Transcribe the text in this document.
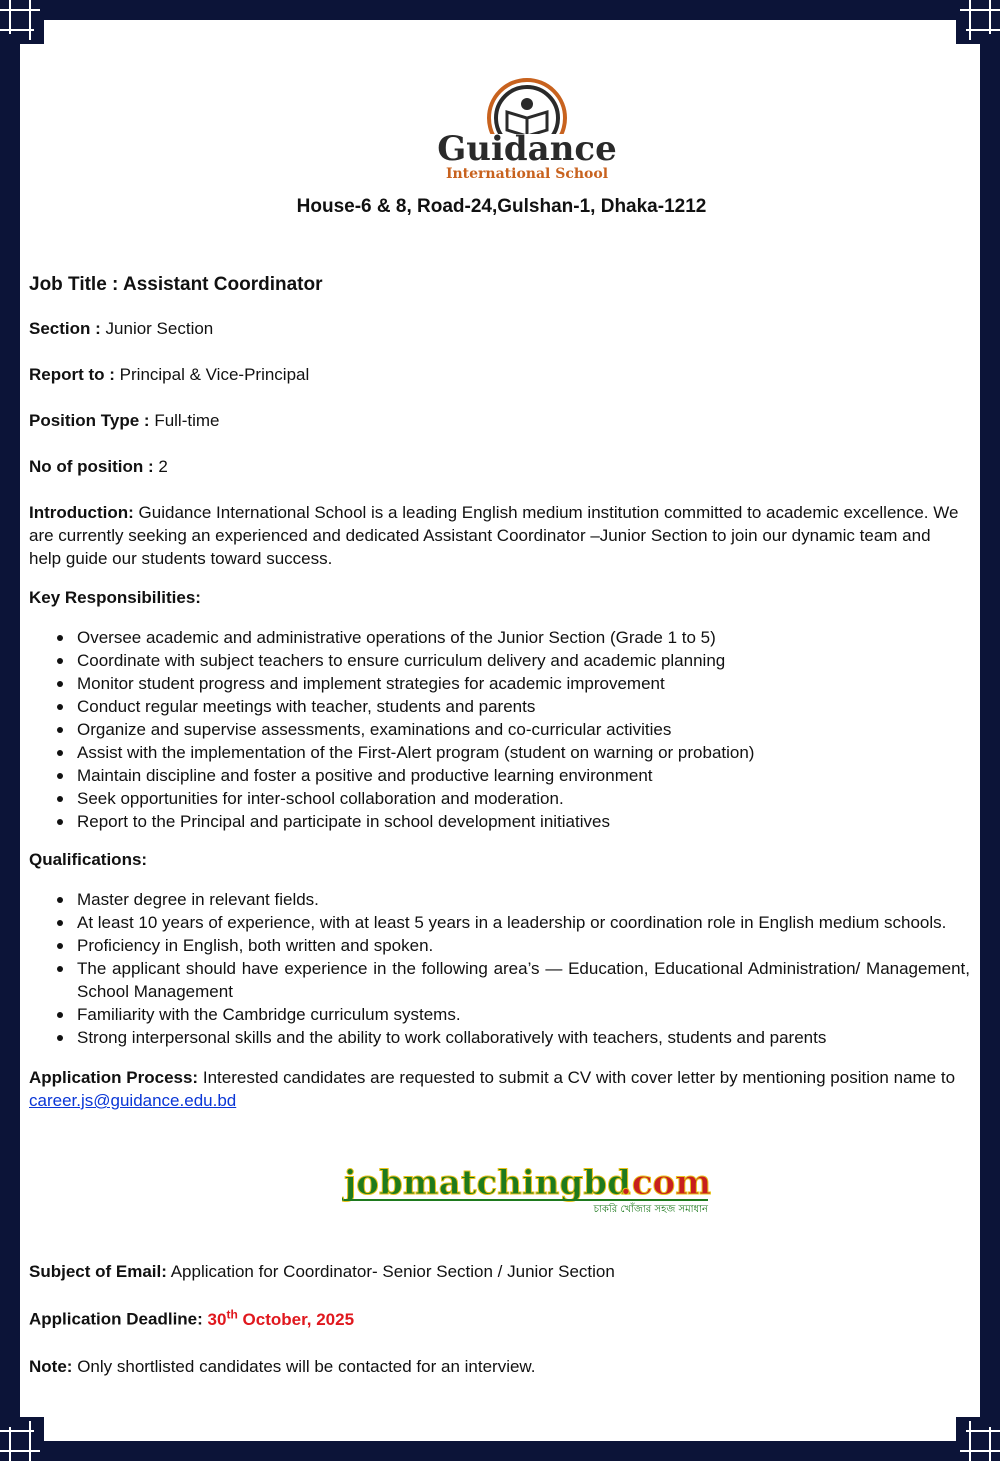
Guidance
International School
House-6 & 8, Road-24,Gulshan-1, Dhaka-1212
Job Title : Assistant Coordinator
Section : Junior Section
Report to : Principal & Vice-Principal
Position Type : Full-time
No of position : 2
Introduction: Guidance International School is a leading English medium institution committed to academic excellence. We are currently seeking an experienced and dedicated Assistant Coordinator –Junior Section to join our dynamic team and help guide our students toward success.
Key Responsibilities:
Oversee academic and administrative operations of the Junior Section (Grade 1 to 5)
Coordinate with subject teachers to ensure curriculum delivery and academic planning
Monitor student progress and implement strategies for academic improvement
Conduct regular meetings with teacher, students and parents
Organize and supervise assessments, examinations and co-curricular activities
Assist with the implementation of the First-Alert program (student on warning or probation)
Maintain discipline and foster a positive and productive learning environment
Seek opportunities for inter-school collaboration and moderation.
Report to the Principal and participate in school development initiatives
Qualifications:
Master degree in relevant fields.
At least 10 years of experience, with at least 5 years in a leadership or coordination role in English medium schools.
Proficiency in English, both written and spoken.
The applicant should have experience in the following area’s — Education, Educational Administration/ Management, School Management
Familiarity with the Cambridge curriculum systems.
Strong interpersonal skills and the ability to work collaboratively with teachers, students and parents
Application Process: Interested candidates are requested to submit a CV with cover letter by mentioning position name to career.js@guidance.edu.bd
jobmatchingbd
.com
চাকরি খোঁজার সহজ সমাধান
Subject of Email: Application for Coordinator- Senior Section / Junior Section
Application Deadline: 30th October, 2025
Note: Only shortlisted candidates will be contacted for an interview.
